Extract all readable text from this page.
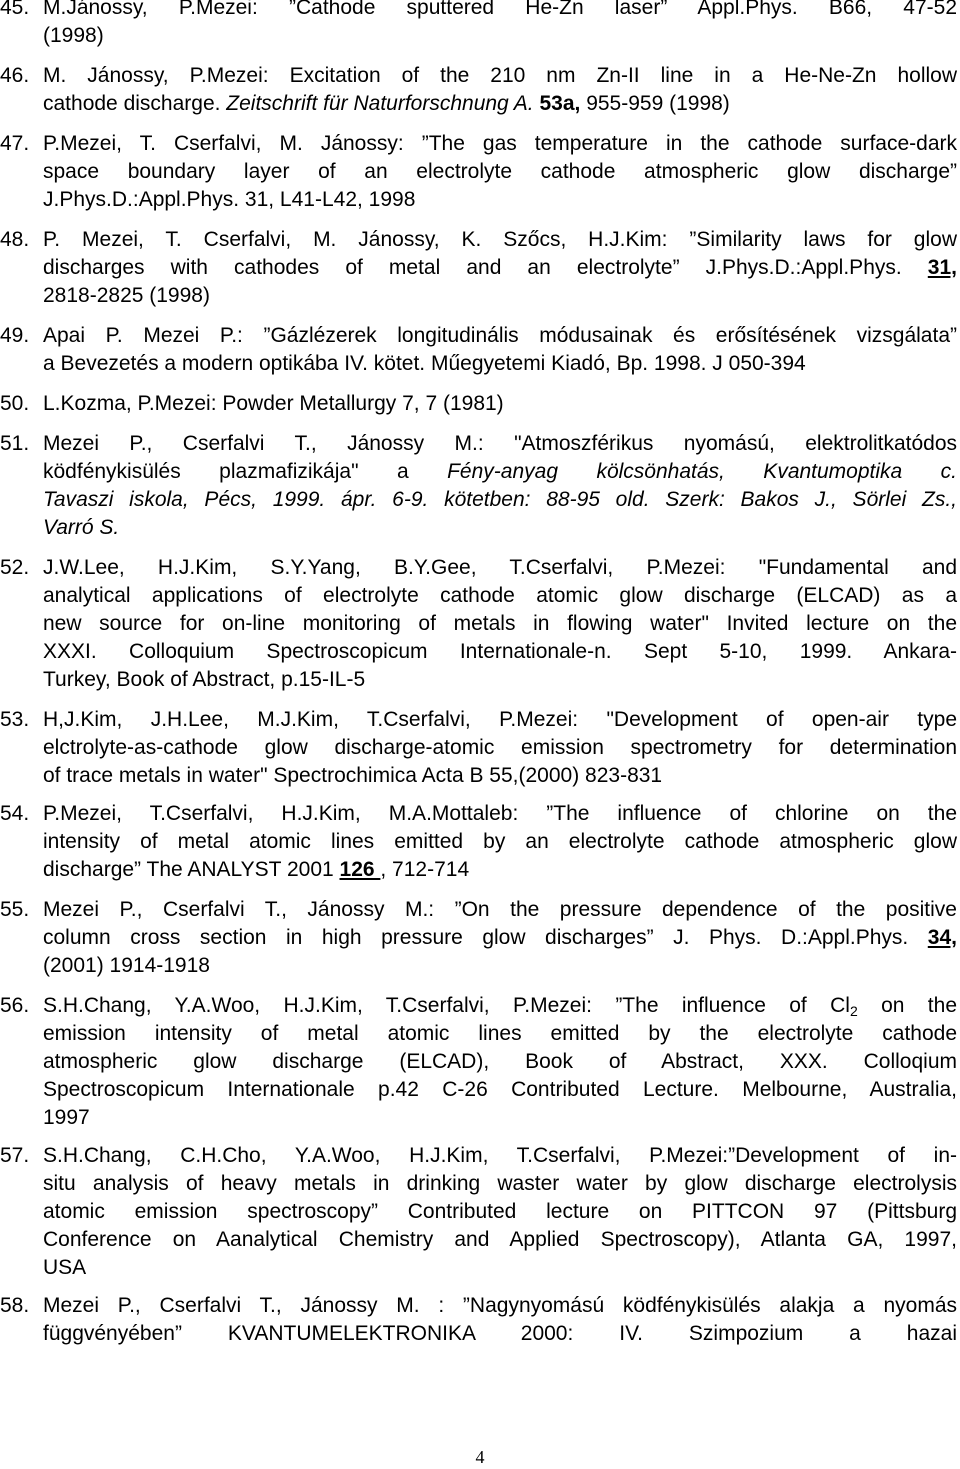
45. M.Jánossy, P.Mezei: ”Cathode sputtered He-Zn laser” Appl.Phys. B66, 47-52
(1998)
46. M. Jánossy, P.Mezei: Excitation of the 210 nm Zn-II line in a He-Ne-Zn hollow
cathode discharge. Zeitschrift für Naturforschnung A. 53a, 955-959 (1998)
47. P.Mezei, T. Cserfalvi, M. Jánossy: ”The gas temperature in the cathode surface-dark
space boundary layer of an electrolyte cathode atmospheric glow discharge”
J.Phys.D.:Appl.Phys. 31, L41-L42, 1998
48. P. Mezei, T. Cserfalvi, M. Jánossy, K. Szőcs, H.J.Kim: ”Similarity laws for glow
discharges with cathodes of metal and an electrolyte” J.Phys.D.:Appl.Phys. 31,
2818-2825 (1998)
49. Apai P. Mezei P.: ”Gázlézerek longitudinális módusainak és erősítésének vizsgálata”
a Bevezetés a modern optikába IV. kötet. Műegyetemi Kiadó, Bp. 1998. J 050-394
50. L.Kozma, P.Mezei: Powder Metallurgy 7, 7 (1981)
51. Mezei P., Cserfalvi T., Jánossy M.: "Atmoszférikus nyomású, elektrolitkatódos
ködfénykisülés plazmafizikája" a Fény-anyag kölcsönhatás, Kvantumoptika c.
Tavaszi iskola, Pécs, 1999. ápr. 6-9. kötetben: 88-95 old. Szerk: Bakos J., Sörlei Zs.,
Varró S.
52. J.W.Lee, H.J.Kim, S.Y.Yang, B.Y.Gee, T.Cserfalvi, P.Mezei: "Fundamental and
analytical applications of electrolyte cathode atomic glow discharge (ELCAD) as a
new source for on-line monitoring of metals in flowing water" Invited lecture on the
XXXI. Colloquium Spectroscopicum Internationale-n. Sept 5-10, 1999. Ankara-
Turkey, Book of Abstract, p.15-IL-5
53. H,J.Kim, J.H.Lee, M.J.Kim, T.Cserfalvi, P.Mezei: "Development of open-air type
elctrolyte-as-cathode glow discharge-atomic emission spectrometry for determination
of trace metals in water" Spectrochimica Acta B 55,(2000) 823-831
54. P.Mezei, T.Cserfalvi, H.J.Kim, M.A.Mottaleb: ”The influence of chlorine on the
intensity of metal atomic lines emitted by an electrolyte cathode atmospheric glow
discharge” The ANALYST 2001 126 , 712-714
55. Mezei P., Cserfalvi T., Jánossy M.: ”On the pressure dependence of the positive
column cross section in high pressure glow discharges” J. Phys. D.:Appl.Phys. 34,
(2001) 1914-1918
56. S.H.Chang, Y.A.Woo, H.J.Kim, T.Cserfalvi, P.Mezei: ”The influence of $Cl_2$ on the
emission intensity of metal atomic lines emitted by the electrolyte cathode
atmospheric glow discharge (ELCAD), Book of Abstract, XXX. Colloqium
Spectroscopicum Internationale p.42 C-26 Contributed Lecture. Melbourne, Australia,
1997
57. S.H.Chang, C.H.Cho, Y.A.Woo, H.J.Kim, T.Cserfalvi, P.Mezei:”Development of in-
situ analysis of heavy metals in drinking waster water by glow discharge electrolysis
atomic emission spectroscopy” Contributed lecture on PITTCON 97 (Pittsburg
Conference on Aanalytical Chemistry and Applied Spectroscopy), Atlanta GA, 1997,
USA
58. Mezei P., Cserfalvi T., Jánossy M. : ”Nagynyomású ködfénykisülés alakja a nyomás
függvényében” KVANTUMELEKTRONIKA 2000: IV. Szimpozium a hazai
4
